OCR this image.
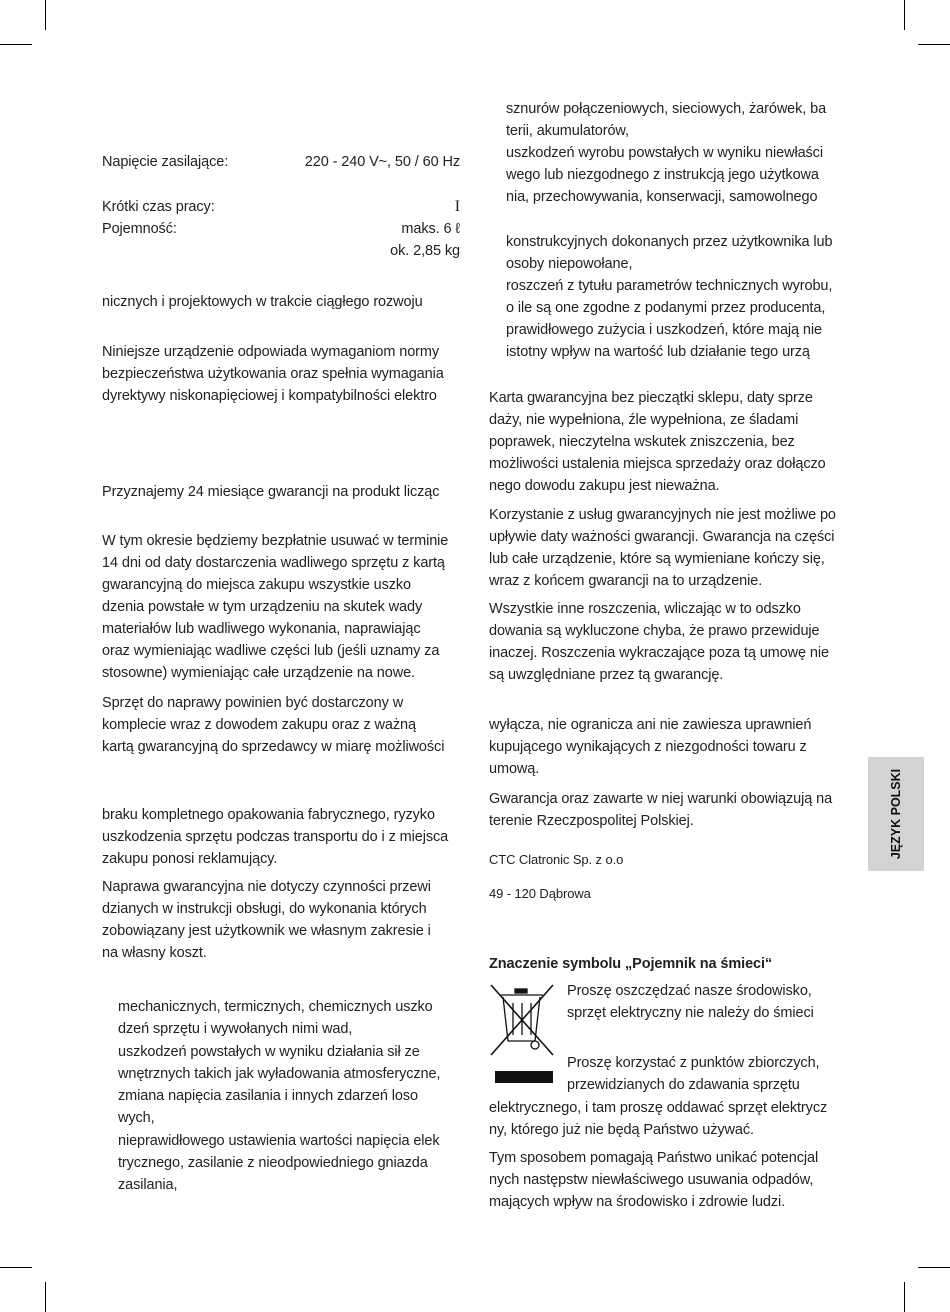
JĘZYK POLSKI
Napięcie zasilające:	220 - 240 V~, 50 / 60 Hz
Krótki czas pracy:	I
Pojemność:	maks. 6 ℓ
ok. 2,85 kg
nicznych i projektowych w trakcie ciągłego rozwoju
Niniejsze urządzenie odpowiada wymaganiom normy
bezpieczeństwa użytkowania oraz spełnia wymagania
dyrektywy niskonapięciowej i kompatybilności elektro
Przyznajemy 24 miesiące gwarancji na produkt licząc
W tym okresie będziemy bezpłatnie usuwać w terminie
14 dni od daty dostarczenia wadliwego sprzętu z kartą
gwarancyjną do miejsca zakupu wszystkie uszko
dzenia powstałe w tym urządzeniu na skutek wady
materiałów lub wadliwego wykonania, naprawiając
oraz wymieniając wadliwe części lub (jeśli uznamy za
stosowne) wymieniając całe urządzenie na nowe.
Sprzęt do naprawy powinien być dostarczony w
komplecie wraz z dowodem zakupu oraz z ważną
kartą gwarancyjną do sprzedawcy w miarę możliwości
braku kompletnego opakowania fabrycznego, ryzyko
uszkodzenia sprzętu podczas transportu do i z miejsca
zakupu ponosi reklamujący.
Naprawa gwarancyjna nie dotyczy czynności przewi
dzianych w instrukcji obsługi, do wykonania których
zobowiązany jest użytkownik we własnym zakresie i
na własny koszt.
mechanicznych, termicznych, chemicznych uszko
dzeń sprzętu i wywołanych nimi wad,
uszkodzeń powstałych w wyniku działania sił ze
wnętrznych takich jak wyładowania atmosferyczne,
zmiana napięcia zasilania i innych zdarzeń loso
wych,
nieprawidłowego ustawienia wartości napięcia elek
trycznego, zasilanie z nieodpowiedniego gniazda
zasilania,
sznurów połączeniowych, sieciowych, żarówek, ba
terii, akumulatorów,
uszkodzeń wyrobu powstałych w wyniku niewłaści
wego lub niezgodnego z instrukcją jego użytkowa
nia, przechowywania, konserwacji, samowolnego
konstrukcyjnych dokonanych przez użytkownika lub
osoby niepowołane,
roszczeń z tytułu parametrów technicznych wyrobu,
o ile są one zgodne z podanymi przez producenta,
prawidłowego zużycia i uszkodzeń, które mają nie
istotny wpływ na wartość lub działanie tego urzą
Karta gwarancyjna bez pieczątki sklepu, daty sprze
daży, nie wypełniona, źle wypełniona, ze śladami
poprawek, nieczytelna wskutek zniszczenia, bez
możliwości ustalenia miejsca sprzedaży oraz dołączo
nego dowodu zakupu jest nieważna.
Korzystanie z usług gwarancyjnych nie jest możliwe po
upływie daty ważności gwarancji. Gwarancja na części
lub całe urządzenie, które są wymieniane kończy się,
wraz z końcem gwarancji na to urządzenie.
Wszystkie inne roszczenia, wliczając w to odszko
dowania są wykluczone chyba, że prawo przewiduje
inaczej. Roszczenia wykraczające poza tą umowę nie
są uwzględniane przez tą gwarancję.
wyłącza, nie ogranicza ani nie zawiesza uprawnień
kupującego wynikających z niezgodności towaru z
umową.
Gwarancja oraz zawarte w niej warunki obowiązują na
terenie Rzeczpospolitej Polskiej.
CTC Clatronic Sp. z o.o
49 - 120 Dąbrowa
Znaczenie symbolu „Pojemnik na śmieci“
Proszę oszczędzać nasze środowisko,
sprzęt elektryczny nie należy do śmieci
Proszę korzystać z punktów zbiorczych,
przewidzianych do zdawania sprzętu
elektrycznego, i tam proszę oddawać sprzęt elektrycz
ny, którego już nie będą Państwo używać.
Tym sposobem pomagają Państwo unikać potencjal
nych następstw niewłaściwego usuwania odpadów,
mających wpływ na środowisko i zdrowie ludzi.
